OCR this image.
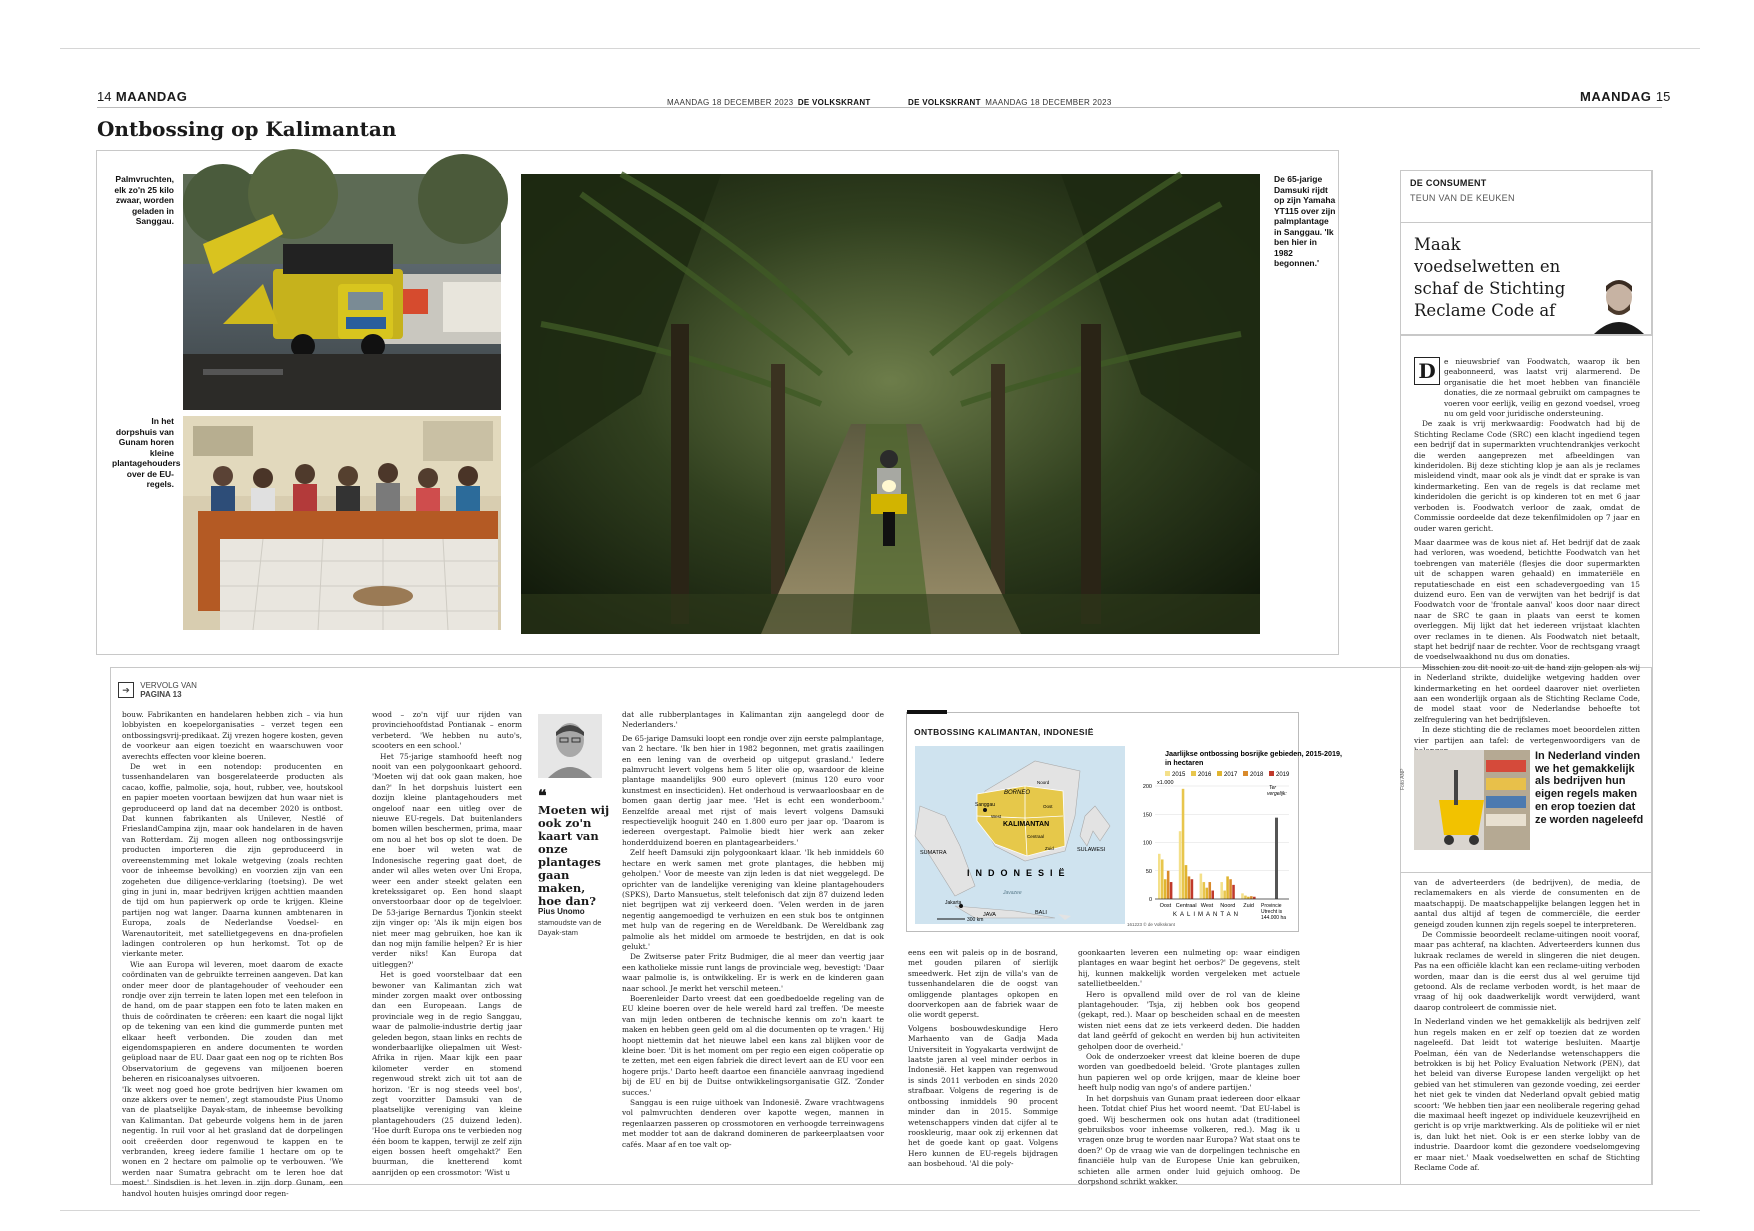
14 MAANDAG	MAANDAG 18 DECEMBER 2023 DE VOLKSKRANT	DE VOLKSKRANT MAANDAG 18 DECEMBER 2023	MAANDAG 15
Ontbossing op Kalimantan
Palmvruchten, elk zo'n 25 kilo zwaar, worden geladen in Sanggau.
In het dorpshuis van Gunam horen kleine plantagehouders over de EU-regels.
De 65-jarige Damsuki rijdt op zijn Yamaha YT115 over zijn palmplantage in Sanggau. 'Ik ben hier in 1982 begonnen.'
➔ VERVOLG VAN
PAGINA 13

bouw. Fabrikanten en handelaren hebben zich – via hun lobbyisten en koepelorganisaties – verzet tegen een ontbossingsvrij-predikaat. Zij vrezen hogere kosten, geven de voorkeur aan eigen toezicht en waarschuwen voor averechts effecten voor kleine boeren.

De wet in een notendop: producenten en tussenhandelaren van bosgerelateerde producten als cacao, koffie, palmolie, soja, hout, rubber, vee, houtskool en papier moeten voortaan bewijzen dat hun waar niet is geproduceerd op land dat na december 2020 is ontbost. Dat kunnen fabrikanten als Unilever, Nestlé of FrieslandCampina zijn, maar ook handelaren in de haven van Rotterdam. Zij mogen alleen nog ontbossingsvrije producten importeren die zijn geproduceerd in overeenstemming met lokale wetgeving (zoals rechten voor de inheemse bevolking) en voorzien zijn van een zogeheten due diligence-verklaring (toetsing). De wet ging in juni in, maar bedrijven krijgen achttien maanden de tijd om hun papierwerk op orde te krijgen. Kleine partijen nog wat langer. Daarna kunnen ambtenaren in Europa, zoals de Nederlandse Voedsel- en Warenautoriteit, met satellietgegevens en dna-profielen ladingen controleren op hun herkomst. Tot op de vierkante meter.

Wie aan Europa wil leveren, moet daarom de exacte coördinaten van de gebruikte terreinen aangeven. Dat kan onder meer door de plantagehouder of veehouder een rondje over zijn terrein te laten lopen met een telefoon in de hand, om de paar stappen een foto te laten maken en thuis de coördinaten te crëeren: een kaart die nogal lijkt op de tekening van een kind die gummerde punten met elkaar heeft verbonden. Die zouden dan met eigendomspapieren en andere documenten te worden geüpload naar de EU. Daar gaat een nog op te richten Bos Observatorium de gegevens van miljoenen boeren beheren en risicoanalyses uitvoeren.

'Ik weet nog goed hoe grote bedrijven hier kwamen om onze akkers over te nemen', zegt stamoudste Pius Unomo van de plaatselijke Dayak-stam, de inheemse bevolking van Kalimantan. Dat gebeurde volgens hem in de jaren negentig. In ruil voor al het grasland dat de dorpelingen ooit creëerden door regenwoud te kappen en te verbranden, kreeg iedere familie 1 hectare om op te wonen en 2 hectare om palmolie op te verbouwen. 'We werden naar Sumatra gebracht om te leren hoe dat moest.' Sindsdien is het leven in zijn dorp Gunam, een handvol houten huisjes omringd door regen-

wood – zo'n vijf uur rijden van provinciehoofdstad Pontianak – enorm verbeterd. 'We hebben nu auto's, scooters en een school.'

Het 75-jarige stamhoofd heeft nog nooit van een polygoonkaart gehoord. 'Moeten wij dat ook gaan maken, hoe dan?' In het dorpshuis luistert een dozijn kleine plantagehouders met ongeloof naar een uitleg over de nieuwe EU-regels. Dat buitenlanders bomen willen beschermen, prima, maar om nou al het bos op slot te doen. De ene boer wil weten wat de Indonesische regering gaat doet, de ander wil alles weten over Uni Eropa, weer een ander steekt gelaten een kretekssigaret op. Een hond slaapt onverstoorbaar door op de tegelvloer. De 53-jarige Bernardus Tjonkin steekt zijn vinger op: 'Als ik mijn eigen bos niet meer mag gebruiken, hoe kan ik dan nog mijn familie helpen? Er is hier verder niks! Kan Europa dat uitleggen?'

Het is goed voorstelbaar dat een bewoner van Kalimantan zich wat minder zorgen maakt over ontbossing dan een Europeaan. Langs de provinciale weg in de regio Sanggau, waar de palmolie-industrie dertig jaar geleden begon, staan links en rechts de wonderbaarlijke oliepalmen uit West-Afrika in rijen. Maar kijk een paar kilometer verder en stomend regenwoud strekt zich uit tot aan de horizon. 'Er is nog steeds veel bos', zegt voorzitter Damsuki van de plaatselijke vereniging van kleine plantagehouders (25 duizend leden). 'Hoe durft Europa ons te verbieden nog één boom te kappen, terwijl ze zelf zijn eigen bossen heeft omgehakt?' Een buurman, die knetterend komt aanrijden op een crossmotor: 'Wist u

❝
Moeten wij ook zo'n kaart van onze plantages gaan maken, hoe dan?
Pius Unomo
stamoudste van de Dayak-stam

dat alle rubberplantages in Kalimantan zijn aangelegd door de Nederlanders.'

De 65-jarige Damsuki loopt een rondje over zijn eerste palmplantage, van 2 hectare. 'Ik ben hier in 1982 begonnen, met gratis zaailingen en een lening van de overheid op uitgeput grasland.' Iedere palmvrucht levert volgens hem 5 liter olie op, waardoor de kleine plantage maandelijks 900 euro oplevert (minus 120 euro voor kunstmest en insecticiden). Het onderhoud is verwaarloosbaar en de bomen gaan dertig jaar mee. 'Het is echt een wonderboom.' Eenzelfde areaal met rijst of mais levert volgens Damsuki respectievelijk hooguit 240 en 1.800 euro per jaar op. 'Daarom is iedereen overgestapt. Palmolie biedt hier werk aan zeker honderdduizend boeren en plantagearbeiders.'

Zelf heeft Damsuki zijn polygoonkaart klaar. 'Ik heb inmiddels 60 hectare en werk samen met grote plantages, die hebben mij geholpen.' Voor de meeste van zijn leden is dat niet weggelegd. De oprichter van de landelijke vereniging van kleine plantagehouders (SPKS), Darto Mansuetus, stelt telefonisch dat zijn 87 duizend leden niet begrijpen wat zij verkeerd doen. 'Velen werden in de jaren negentig aangemoedigd te verhuizen en een stuk bos te ontginnen met hulp van de regering en de Wereldbank. De Wereldbank zag palmolie als het middel om armoede te bestrijden, en dat is ook gelukt.'

De Zwitserse pater Fritz Budmiger, die al meer dan veertig jaar een katholieke missie runt langs de provinciale weg, bevestigt: 'Daar waar palmolie is, is ontwikkeling. Er is werk en de kinderen gaan naar school. Je merkt het verschil meteen.'

Boerenleider Darto vreest dat een goedbedoelde regeling van de EU kleine boeren over de hele wereld hard zal treffen. 'De meeste van mijn leden ontberen de technische kennis om zo'n kaart te maken en hebben geen geld om al die documenten op te vragen.' Hij hoopt niettemin dat het nieuwe label een kans zal blijken voor de kleine boer. 'Dit is het moment om per regio een eigen coöperatie op te zetten, met een eigen fabriek die direct levert aan de EU voor een hogere prijs.' Darto heeft daartoe een financiële aanvraag ingediend bij de EU en bij de Duitse ontwikkelingsorganisatie GIZ. 'Zonder succes.'

Sanggau is een ruige uithoek van Indonesië. Zware vrachtwagens vol palmvruchten denderen over kapotte wegen, mannen in regenlaarzen passeren op crossmotoren en verhoogde terreinwagens met modder tot aan de dakrand domineren de parkeerplaatsen voor cafés. Maar af en toe valt op-

ONTBOSSING KALIMANTAN, INDONESIË
BORNEO
KALIMANTAN
INDONESIË
SUMATRA	SULAWESI
JAVA	BALI
Jakarta
Sanggau
West
Noord
Oost
Centraal
Zuid
Javazee
300 km
Jaarlijkse ontbossing bosrijke gebieden, 2015-2019,
in hectaren
2015 2016 2017 2018 2019
0
50
100
150
200
x1.000
Oost Centraal West Noord Zuid
KALIMANTAN
Ter
vergelijk:
Provincie
Utrecht is
144.000 ha
161223 © de Volkskrant

eens een wit paleis op in de bosrand, met gouden pilaren of sierlijk smeedwerk. Het zijn de villa's van de tussenhandelaren die de oogst van omliggende plantages opkopen en doorverkopen aan de fabriek waar de olie wordt geperst.

Volgens bosbouwdeskundige Hero Marhaento van de Gadja Mada Universiteit in Yogyakarta verdwijnt de laatste jaren al veel minder oerbos in Indonesië. Het kappen van regenwoud is sinds 2011 verboden en sinds 2020 strafbaar. Volgens de regering is de ontbossing inmiddels 90 procent minder dan in 2015. Sommige wetenschappers vinden dat cijfer al te rooskleurig, maar ook zij erkennen dat het de goede kant op gaat. Volgens Hero kunnen de EU-regels bijdragen aan bosbehoud. 'Al die poly-

goonkaarten leveren een nulmeting op: waar eindigen plantages en waar begint het oerbos?' De gegevens, stelt hij, kunnen makkelijk worden vergeleken met actuele satellietbeelden.'

Hero is opvallend mild over de rol van de kleine plantagehouder. 'Tsja, zij hebben ook bos geopend (gekapt, red.). Maar op bescheiden schaal en de meesten wisten niet eens dat ze iets verkeerd deden. Die hadden dat land geërfd of gekocht en werden bij hun activiteiten geholpen door de overheid.'

Ook de onderzoeker vreest dat kleine boeren de dupe worden van goedbedoeld beleid. 'Grote plantages zullen hun papieren wel op orde krijgen, maar de kleine boer heeft hulp nodig van ngo's of andere partijen.'

In het dorpshuis van Gunam praat iedereen door elkaar heen. Totdat chief Pius het woord neemt. 'Dat EU-label is goed. Wij beschermen ook ons hutan adat (traditioneel gebruiksbos voor inheemse volkeren, red.). Mag ik u vragen onze brug te worden naar Europa? Wat staat ons te doen?' Op de vraag wie van de dorpelingen technische en financiële hulp van de Europese Unie kan gebruiken, schieten alle armen onder luid gejuich omhoog. De dorpshond schrikt wakker.

DE CONSUMENT
TEUN VAN DE KEUKEN
Maak voedselwetten en schaf de Stichting Reclame Code af
D	e nieuwsbrief van Foodwatch, waarop ik ben geabonneerd, was laatst vrij alarmerend. De organisatie die het moet hebben van financiële donaties, die ze normaal gebruikt om campagnes te voeren voor eerlijk, veilig en gezond voedsel, vroeg nu om geld voor juridische ondersteuning.

De zaak is vrij merkwaardig: Foodwatch had bij de Stichting Reclame Code (SRC) een klacht ingediend tegen een bedrijf dat in supermarkten vruchtendrankjes verkocht die werden aangeprezen met afbeeldingen van kinderidolen. Bij deze stichting klop je aan als je reclames misleidend vindt, maar ook als je vindt dat er sprake is van kindermarketing. Een van de regels is dat reclame met kinderidolen die gericht is op kinderen tot en met 6 jaar verboden is. Foodwatch verloor de zaak, omdat de Commissie oordeelde dat deze tekenfilmidolen op 7 jaar en ouder waren gericht.

Maar daarmee was de kous niet af. Het bedrijf dat de zaak had verloren, was woedend, betichtte Foodwatch van het toebrengen van materiële (flesjes die door supermarkten uit de schappen waren gehaald) en immateriële en reputatieschade en eist een schadevergoeding van 15 duizend euro. Een van de verwijten van het bedrijf is dat Foodwatch voor de 'frontale aanval' koos door naar direct naar de SRC te gaan in plaats van eerst te komen overleggen. Mij lijkt dat het iedereen vrijstaat klachten over reclames in te dienen. Als Foodwatch niet betaalt, stapt het bedrijf naar de rechter. Voor de rechtsgang vraagt de voedselwaakhond nu dus om donaties.

Misschien zou dit nooit zo uit de hand zijn gelopen als wij in Nederland strikte, duidelijke wetgeving hadden over kindermarketing en het oordeel daarover niet overlieten aan een wonderlijk orgaan als de Stichting Reclame Code, de model staat voor de Nederlandse behoefte tot zelfregulering van het bedrijfsleven.

In deze stichting die de reclames moet beoordelen zitten vier partijen aan tafel: de vertegenwoordigers van de

Foto ANP
In Nederland vinden we het gemakkelijk als bedrijven hun eigen regels maken en erop toezien dat ze worden nageleefd

van de adverteerders (de bedrijven), de media, de reclamemakers en als vierde de consumenten en de maatschappij. De maatschappelijke belangen leggen het in aantal dus altijd af tegen de commerciële, die eerder geneigd zouden kunnen zijn regels soepel te interpreteren.

De Commissie beoordeelt reclame-uitingen nooit vooraf, maar pas achteraf, na klachten. Adverteerders kunnen dus lukraak reclames de wereld in slingeren die niet deugen. Pas na een officiële klacht kan een reclame-uiting verboden worden, maar dan is die eerst dus al wel geruime tijd getoond. Als de reclame verboden wordt, is het maar de vraag of hij ook daadwerkelijk wordt verwijderd, want daarop controleert de commissie niet.

In Nederland vinden we het gemakkelijk als bedrijven zelf hun regels maken en er zelf op toezien dat ze worden nageleefd. Dat leidt tot waterige besluiten. Maartje Poelman, één van de Nederlandse wetenschappers die betrokken is bij het Policy Evaluation Network (PEN), dat het beleid van diverse Europese landen vergelijkt op het gebied van het stimuleren van gezonde voeding, zei eerder het niet gek te vinden dat Nederland opvalt gebied matig scoort: 'We hebben tien jaar een neoliberale regering gehad die maximaal heeft ingezet op individuele keuzevrijheid en gericht is op vrije marktwerking. Als de politieke wil er niet is, dan lukt het niet. Ook is er een sterke lobby van de industrie. Daardoor komt die gezondere voedselomgeving er maar niet.' Maak voedselwetten en schaf de Stichting Reclame Code af.
